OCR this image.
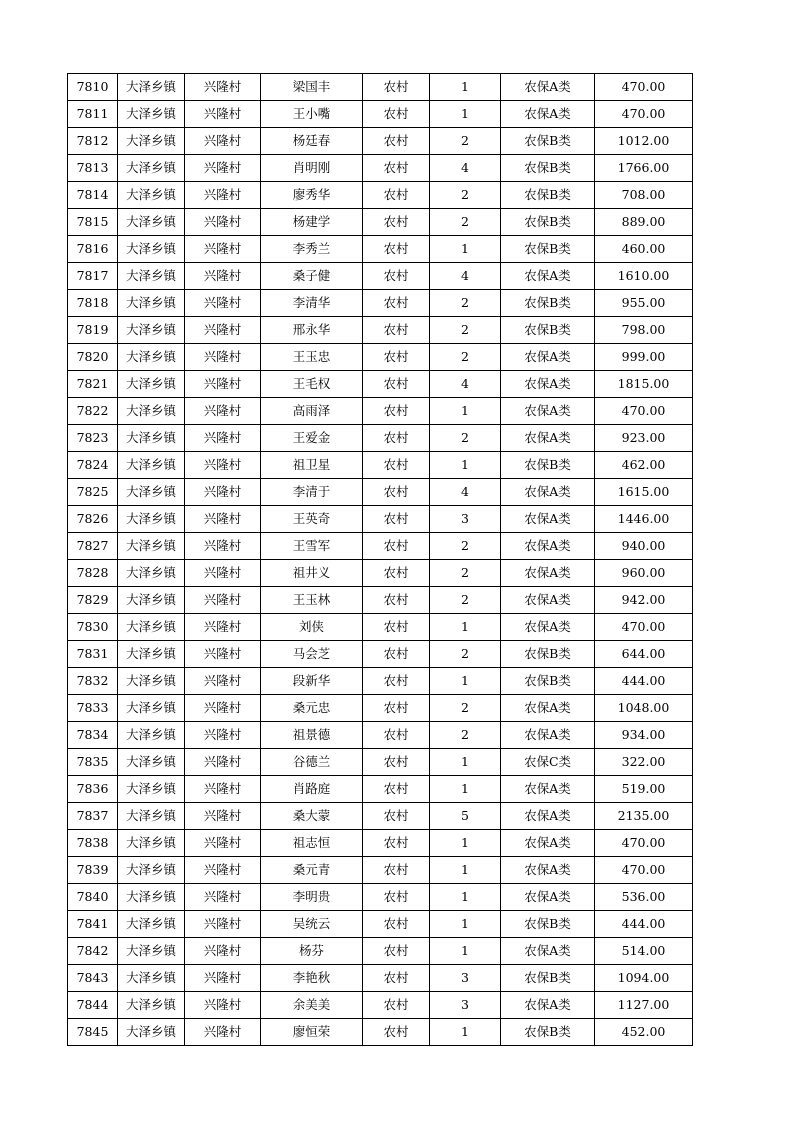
7810	大泽乡镇	兴隆村	梁国丰	农村	1	农保A类	470.00
7811	大泽乡镇	兴隆村	王小嘴	农村	1	农保A类	470.00
7812	大泽乡镇	兴隆村	杨廷春	农村	2	农保B类	1012.00
7813	大泽乡镇	兴隆村	肖明刚	农村	4	农保B类	1766.00
7814	大泽乡镇	兴隆村	廖秀华	农村	2	农保B类	708.00
7815	大泽乡镇	兴隆村	杨建学	农村	2	农保B类	889.00
7816	大泽乡镇	兴隆村	李秀兰	农村	1	农保B类	460.00
7817	大泽乡镇	兴隆村	桑子健	农村	4	农保A类	1610.00
7818	大泽乡镇	兴隆村	李清华	农村	2	农保B类	955.00
7819	大泽乡镇	兴隆村	邢永华	农村	2	农保B类	798.00
7820	大泽乡镇	兴隆村	王玉忠	农村	2	农保A类	999.00
7821	大泽乡镇	兴隆村	王毛权	农村	4	农保A类	1815.00
7822	大泽乡镇	兴隆村	高雨泽	农村	1	农保A类	470.00
7823	大泽乡镇	兴隆村	王爱金	农村	2	农保A类	923.00
7824	大泽乡镇	兴隆村	祖卫星	农村	1	农保B类	462.00
7825	大泽乡镇	兴隆村	李清于	农村	4	农保A类	1615.00
7826	大泽乡镇	兴隆村	王英奇	农村	3	农保A类	1446.00
7827	大泽乡镇	兴隆村	王雪军	农村	2	农保A类	940.00
7828	大泽乡镇	兴隆村	祖井义	农村	2	农保A类	960.00
7829	大泽乡镇	兴隆村	王玉林	农村	2	农保A类	942.00
7830	大泽乡镇	兴隆村	刘侠	农村	1	农保A类	470.00
7831	大泽乡镇	兴隆村	马会芝	农村	2	农保B类	644.00
7832	大泽乡镇	兴隆村	段新华	农村	1	农保B类	444.00
7833	大泽乡镇	兴隆村	桑元忠	农村	2	农保A类	1048.00
7834	大泽乡镇	兴隆村	祖景德	农村	2	农保A类	934.00
7835	大泽乡镇	兴隆村	谷德兰	农村	1	农保C类	322.00
7836	大泽乡镇	兴隆村	肖路庭	农村	1	农保A类	519.00
7837	大泽乡镇	兴隆村	桑大蒙	农村	5	农保A类	2135.00
7838	大泽乡镇	兴隆村	祖志恒	农村	1	农保A类	470.00
7839	大泽乡镇	兴隆村	桑元青	农村	1	农保A类	470.00
7840	大泽乡镇	兴隆村	李明贵	农村	1	农保A类	536.00
7841	大泽乡镇	兴隆村	吴统云	农村	1	农保B类	444.00
7842	大泽乡镇	兴隆村	杨芬	农村	1	农保A类	514.00
7843	大泽乡镇	兴隆村	李艳秋	农村	3	农保B类	1094.00
7844	大泽乡镇	兴隆村	余美美	农村	3	农保A类	1127.00
7845	大泽乡镇	兴隆村	廖恒荣	农村	1	农保B类	452.00
